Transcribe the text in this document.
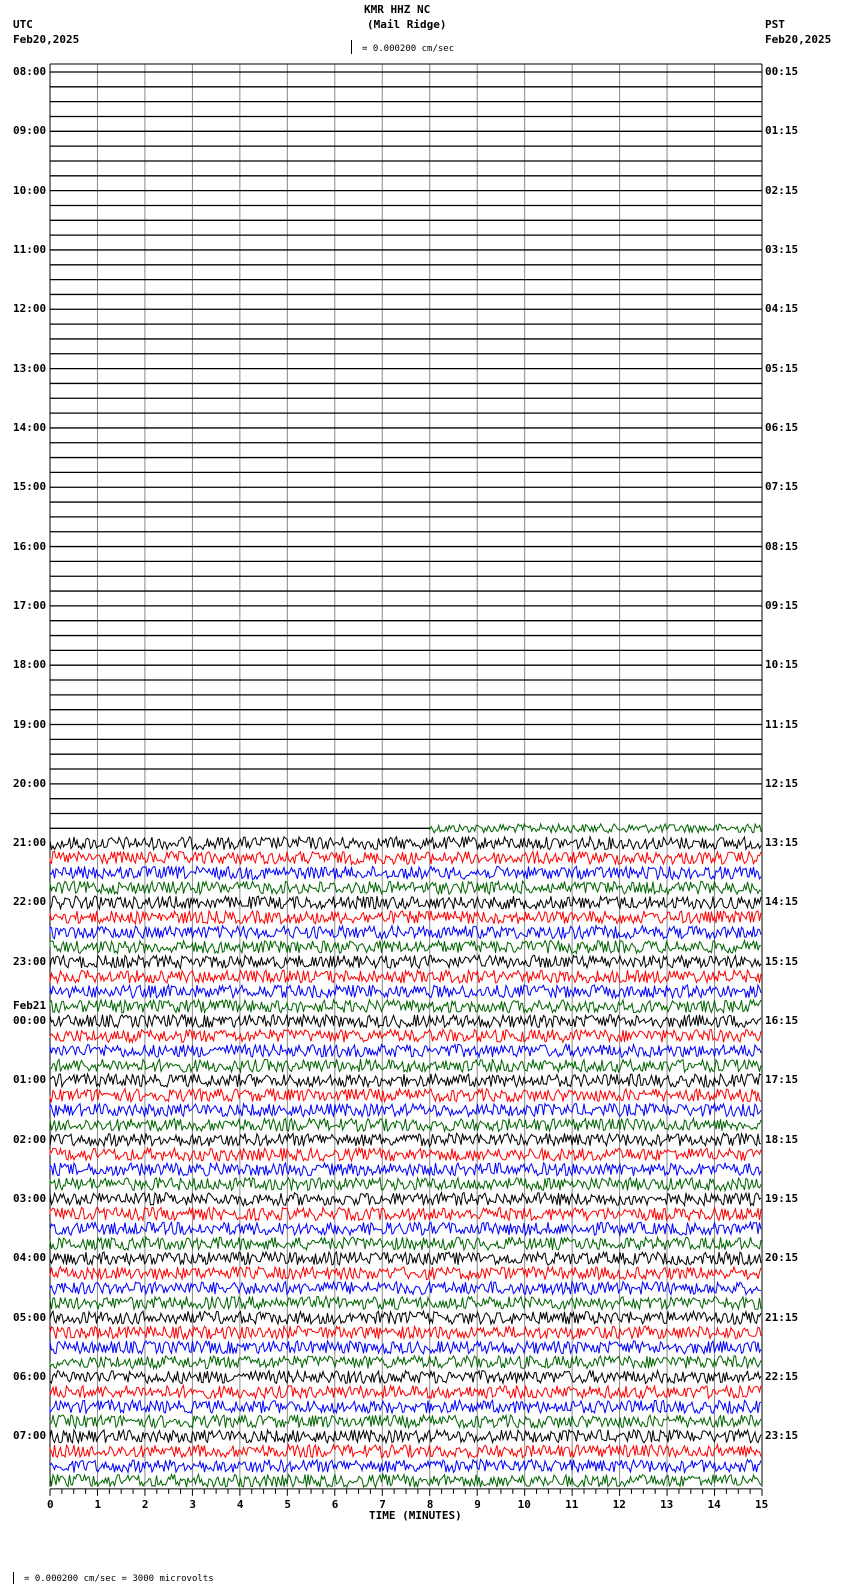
KMR HHZ NC
(Mail Ridge)
UTC
Feb20,2025
PST
Feb20,2025
= 0.000200 cm/sec
TIME (MINUTES)
= 0.000200 cm/sec = 3000 microvolts
0	1	2	3	4	5	6	7	8	9	10	11	12	13	14	15
08:00
09:00
10:00
11:00
12:00
13:00
14:00
15:00
16:00
17:00
18:00
19:00
20:00
21:00
22:00
23:00
00:00
01:00
02:00
03:00
04:00
05:00
06:00
07:00
00:15
01:15
02:15
03:15
04:15
05:15
06:15
07:15
08:15
09:15
10:15
11:15
12:15
13:15
14:15
15:15
16:15
17:15
18:15
19:15
20:15
21:15
22:15
23:15
Feb21
